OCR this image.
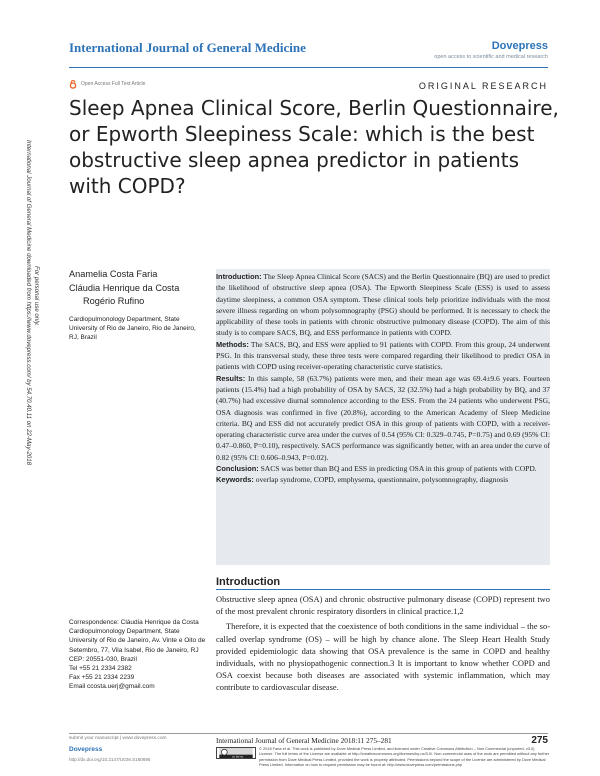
International Journal of General Medicine	Dovepress
open access to scientific and medical research
Open Access Full Text Article	ORIGINAL RESEARCH
Sleep Apnea Clinical Score, Berlin Questionnaire, or Epworth Sleepiness Scale: which is the best obstructive sleep apnea predictor in patients with COPD?
International Journal of General Medicine downloaded from https://www.dovepress.com/ by 54.70.40.11 on 22-May-2018 For personal use only.	Anamelia Costa Faria
Cláudia Henrique da Costa
Rogério Rufino
Cardiopulmonology Department, State University of Rio de Janeiro, Rio de Janeiro, RJ, Brazil

Introduction: The Sleep Apnea Clinical Score (SACS) and the Berlin Questionnaire (BQ) are used to predict the likelihood of obstructive sleep apnea (OSA). The Epworth Sleepiness Scale (ESS) is used to assess daytime sleepiness, a common OSA symptom. These clinical tools help prioritize individuals with the most severe illness regarding on whom polysomnography (PSG) should be performed. It is necessary to check the applicability of these tools in patients with chronic obstructive pulmonary disease (COPD). The aim of this study is to compare SACS, BQ, and ESS performance in patients with COPD.

Methods: The SACS, BQ, and ESS were applied to 91 patients with COPD. From this group, 24 underwent PSG. In this transversal study, these three tests were compared regarding their likelihood to predict OSA in patients with COPD using receiver-operating characteristic curve statistics.

Results: In this sample, 58 (63.7%) patients were men, and their mean age was 69.4±9.6 years. Fourteen patients (15.4%) had a high probability of OSA by SACS, 32 (32.5%) had a high probability by BQ, and 37 (40.7%) had excessive diurnal somnolence according to the ESS. From the 24 patients who underwent PSG, OSA diagnosis was confirmed in five (20.8%), according to the American Academy of Sleep Medicine criteria. BQ and ESS did not accurately predict OSA in this group of patients with COPD, with a receiver-operating characteristic curve area under the curves of 0.54 (95% CI: 0.329–0.745, P=0.75) and 0.69 (95% CI: 0.47–0.860, P=0.10), respectively. SACS performance was significantly better, with an area under the curve of 0.82 (95% CI: 0.606–0.943, P=0.02).

Conclusion: SACS was better than BQ and ESS in predicting OSA in this group of patients with COPD.

Keywords: overlap syndrome, COPD, emphysema, questionnaire, polysomnography, diagnosis

Introduction

Obstructive sleep apnea (OSA) and chronic obstructive pulmonary disease (COPD) represent two of the most prevalent chronic respiratory disorders in clinical practice.1,2

Therefore, it is expected that the coexistence of both conditions in the same individual – the so-called overlap syndrome (OS) – will be high by chance alone. The Sleep Heart Health Study provided epidemiologic data showing that OSA prevalence is the same in COPD and healthy individuals, with no physiopathogenic connection.3 It is important to know whether COPD and OSA coexist because both diseases are associated with systemic inflammation, which may contribute to cardiovascular disease.

Correspondence: Cláudia Henrique da Costa
Cardiopulmonology Department, State University of Rio de Janeiro, Av. Vinte e Oito de Setembro, 77, Vila Isabel, Rio de Janeiro, RJ CEP: 20551-030, Brazil
Tel +55 21 2334 2382
Fax +55 21 2334 2239
Email ccosta.uerj@gmail.com
submit your manuscript | www.dovepress.com
Dovepress
http://dx.doi.org/10.2147/IJGM.S160695
International Journal of General Medicine 2018:11 275–281	275
cc by-nc
© 2018 Faria et al. This work is published by Dove Medical Press Limited, and licensed under Creative Commons Attribution – Non Commercial (unported, v3.0) License. The full terms of the License are available at http://creativecommons.org/licenses/by-nc/3.0/. Non-commercial uses of the work are permitted without any further permission from Dove Medical Press Limited, provided the work is properly attributed. Permissions beyond the scope of the License are administered by Dove Medical Press Limited. Information on how to request permission may be found at: http://www.dovepress.com/permissions.php
